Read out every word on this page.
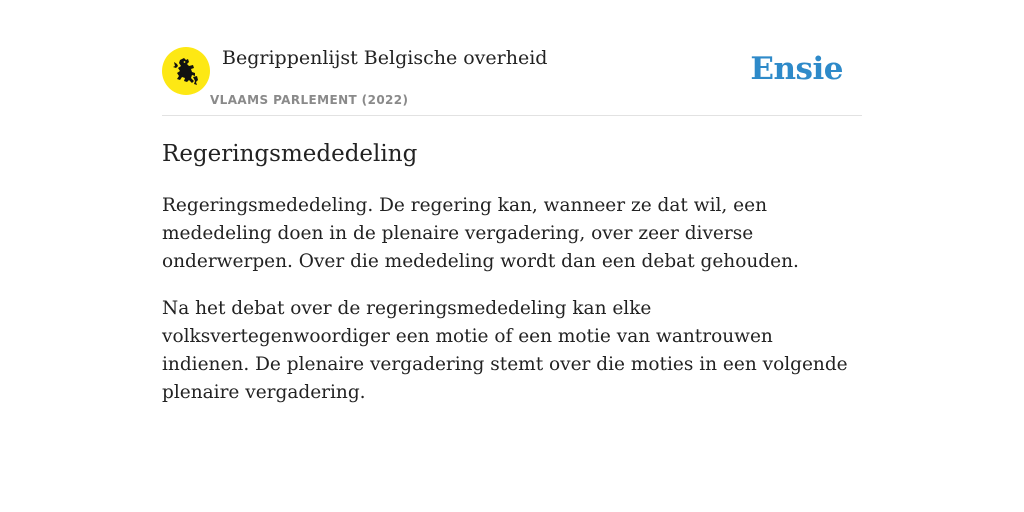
Begrippenlijst Belgische overheid
VLAAMS PARLEMENT (2022)
Ensie
Regeringsmededeling

Regeringsmededeling. De regering kan, wanneer ze dat wil, een mededeling doen in de plenaire vergadering, over zeer diverse onderwerpen. Over die mededeling wordt dan een debat gehouden.

Na het debat over de regeringsmededeling kan elke volksvertegenwoordiger een motie of een motie van wantrouwen indienen. De plenaire vergadering stemt over die moties in een volgende plenaire vergadering.
